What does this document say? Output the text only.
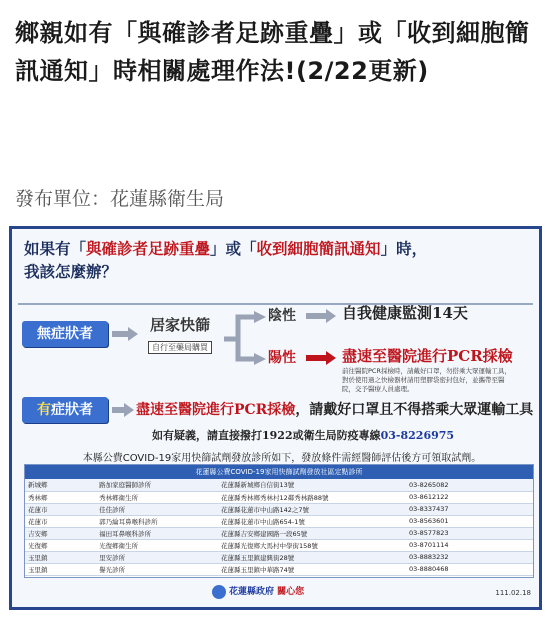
鄉親如有「與確診者足跡重疊」或「收到細胞簡訊通知」時相關處理作法!(2/22更新)
發布單位：花蓮縣衛生局
如果有「與確診者足跡重疊」或「收到細胞簡訊通知」時，
我該怎麼辦？
無症狀者	居家快篩
自行至藥局購買
陰性	自我健康監測14天
陽性	盡速至醫院進行PCR採檢
前往醫院PCR採檢時，請戴好口罩，勿搭乘大眾運輸工具，對於使用過之快檢器材請用塑膠袋密封包好，並攜帶至醫院，交予醫療人員處理。
有症狀者	盡速至醫院進行PCR採檢，請戴好口罩且不得搭乘大眾運輸工具
如有疑義，請直接撥打1922或衛生局防疫專線03-8226975
本縣公費COVID-19家用快篩試劑發放診所如下，發放條件需經醫師評估後方可領取試劑。
花蓮縣公費COVID-19家用快篩試劑發放社區定點診所
新城鄉	路加家庭醫師診所	花蓮縣新城鄉自信街13號	03-8265082
秀林鄉	秀林鄉衛生所	花蓮縣秀林鄉秀林村12鄰秀林路88號	03-8612122
花蓮市	佳佳診所	花蓮縣花蓮市中山路142之7號	03-8337437
花蓮市	郭乃綸耳鼻喉科診所	花蓮縣花蓮市中山路654-1號	03-8563601
吉安鄉	福田耳鼻喉科診所	花蓮縣吉安鄉建國路一段65號	03-8577823
光復鄉	光復鄉衛生所	花蓮縣光復鄉大馬村中學街158號	03-8701114
玉里鎮	里安診所	花蓮縣玉里鎮建興街28號	03-8883232
玉里鎮	譽光診所	花蓮縣玉里鎮中華路74號	03-8880468
花蓮縣政府 關心您	111.02.18
